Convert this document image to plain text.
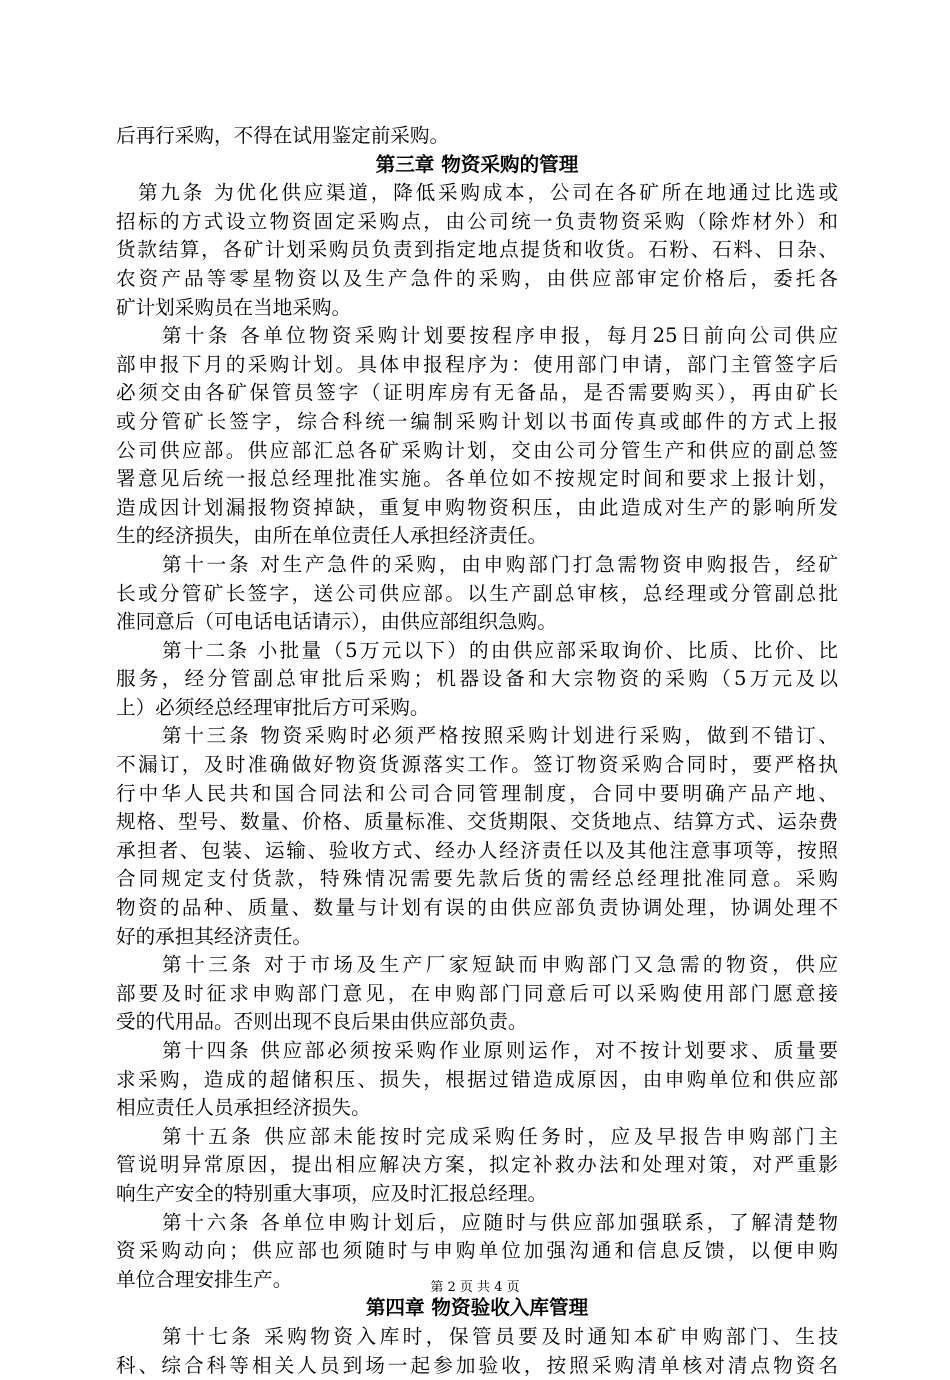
后再行采购，不得在试用鉴定前采购。
第三章 物资采购的管理
第九条 为优化供应渠道，降低采购成本，公司在各矿所在地通过比选或
招标的方式设立物资固定采购点，由公司统一负责物资采购（除炸材外）和
货款结算，各矿计划采购员负责到指定地点提货和收货。石粉、石料、日杂、
农资产品等零星物资以及生产急件的采购，由供应部审定价格后，委托各
矿计划采购员在当地采购。
第十条 各单位物资采购计划要按程序申报，每月25日前向公司供应
部申报下月的采购计划。具体申报程序为：使用部门申请，部门主管签字后
必须交由各矿保管员签字（证明库房有无备品，是否需要购买），再由矿长
或分管矿长签字，综合科统一编制采购计划以书面传真或邮件的方式上报
公司供应部。供应部汇总各矿采购计划，交由公司分管生产和供应的副总签
署意见后统一报总经理批准实施。各单位如不按规定时间和要求上报计划，
造成因计划漏报物资掉缺，重复申购物资积压，由此造成对生产的影响所发
生的经济损失，由所在单位责任人承担经济责任。
第十一条 对生产急件的采购，由申购部门打急需物资申购报告，经矿
长或分管矿长签字，送公司供应部。以生产副总审核，总经理或分管副总批
准同意后（可电话电话请示），由供应部组织急购。
第十二条 小批量（5万元以下）的由供应部采取询价、比质、比价、比
服务，经分管副总审批后采购；机器设备和大宗物资的采购（5万元及以
上）必须经总经理审批后方可采购。
第十三条 物资采购时必须严格按照采购计划进行采购，做到不错订、
不漏订，及时准确做好物资货源落实工作。签订物资采购合同时，要严格执
行中华人民共和国合同法和公司合同管理制度，合同中要明确产品产地、
规格、型号、数量、价格、质量标准、交货期限、交货地点、结算方式、运杂费
承担者、包装、运输、验收方式、经办人经济责任以及其他注意事项等，按照
合同规定支付货款，特殊情况需要先款后货的需经总经理批准同意。采购
物资的品种、质量、数量与计划有误的由供应部负责协调处理，协调处理不
好的承担其经济责任。
第十三条 对于市场及生产厂家短缺而申购部门又急需的物资，供应
部要及时征求申购部门意见，在申购部门同意后可以采购使用部门愿意接
受的代用品。否则出现不良后果由供应部负责。
第十四条 供应部必须按采购作业原则运作，对不按计划要求、质量要
求采购，造成的超储积压、损失，根据过错造成原因，由申购单位和供应部
相应责任人员承担经济损失。
第十五条 供应部未能按时完成采购任务时，应及早报告申购部门主
管说明异常原因，提出相应解决方案，拟定补救办法和处理对策，对严重影
响生产安全的特别重大事项，应及时汇报总经理。
第十六条 各单位申购计划后，应随时与供应部加强联系，了解清楚物
资采购动向；供应部也须随时与申购单位加强沟通和信息反馈，以便申购
单位合理安排生产。
第四章 物资验收入库管理
第十七条 采购物资入库时，保管员要及时通知本矿申购部门、生技
科、综合科等相关人员到场一起参加验收，按照采购清单核对清点物资名
第 2 页 共 4 页
